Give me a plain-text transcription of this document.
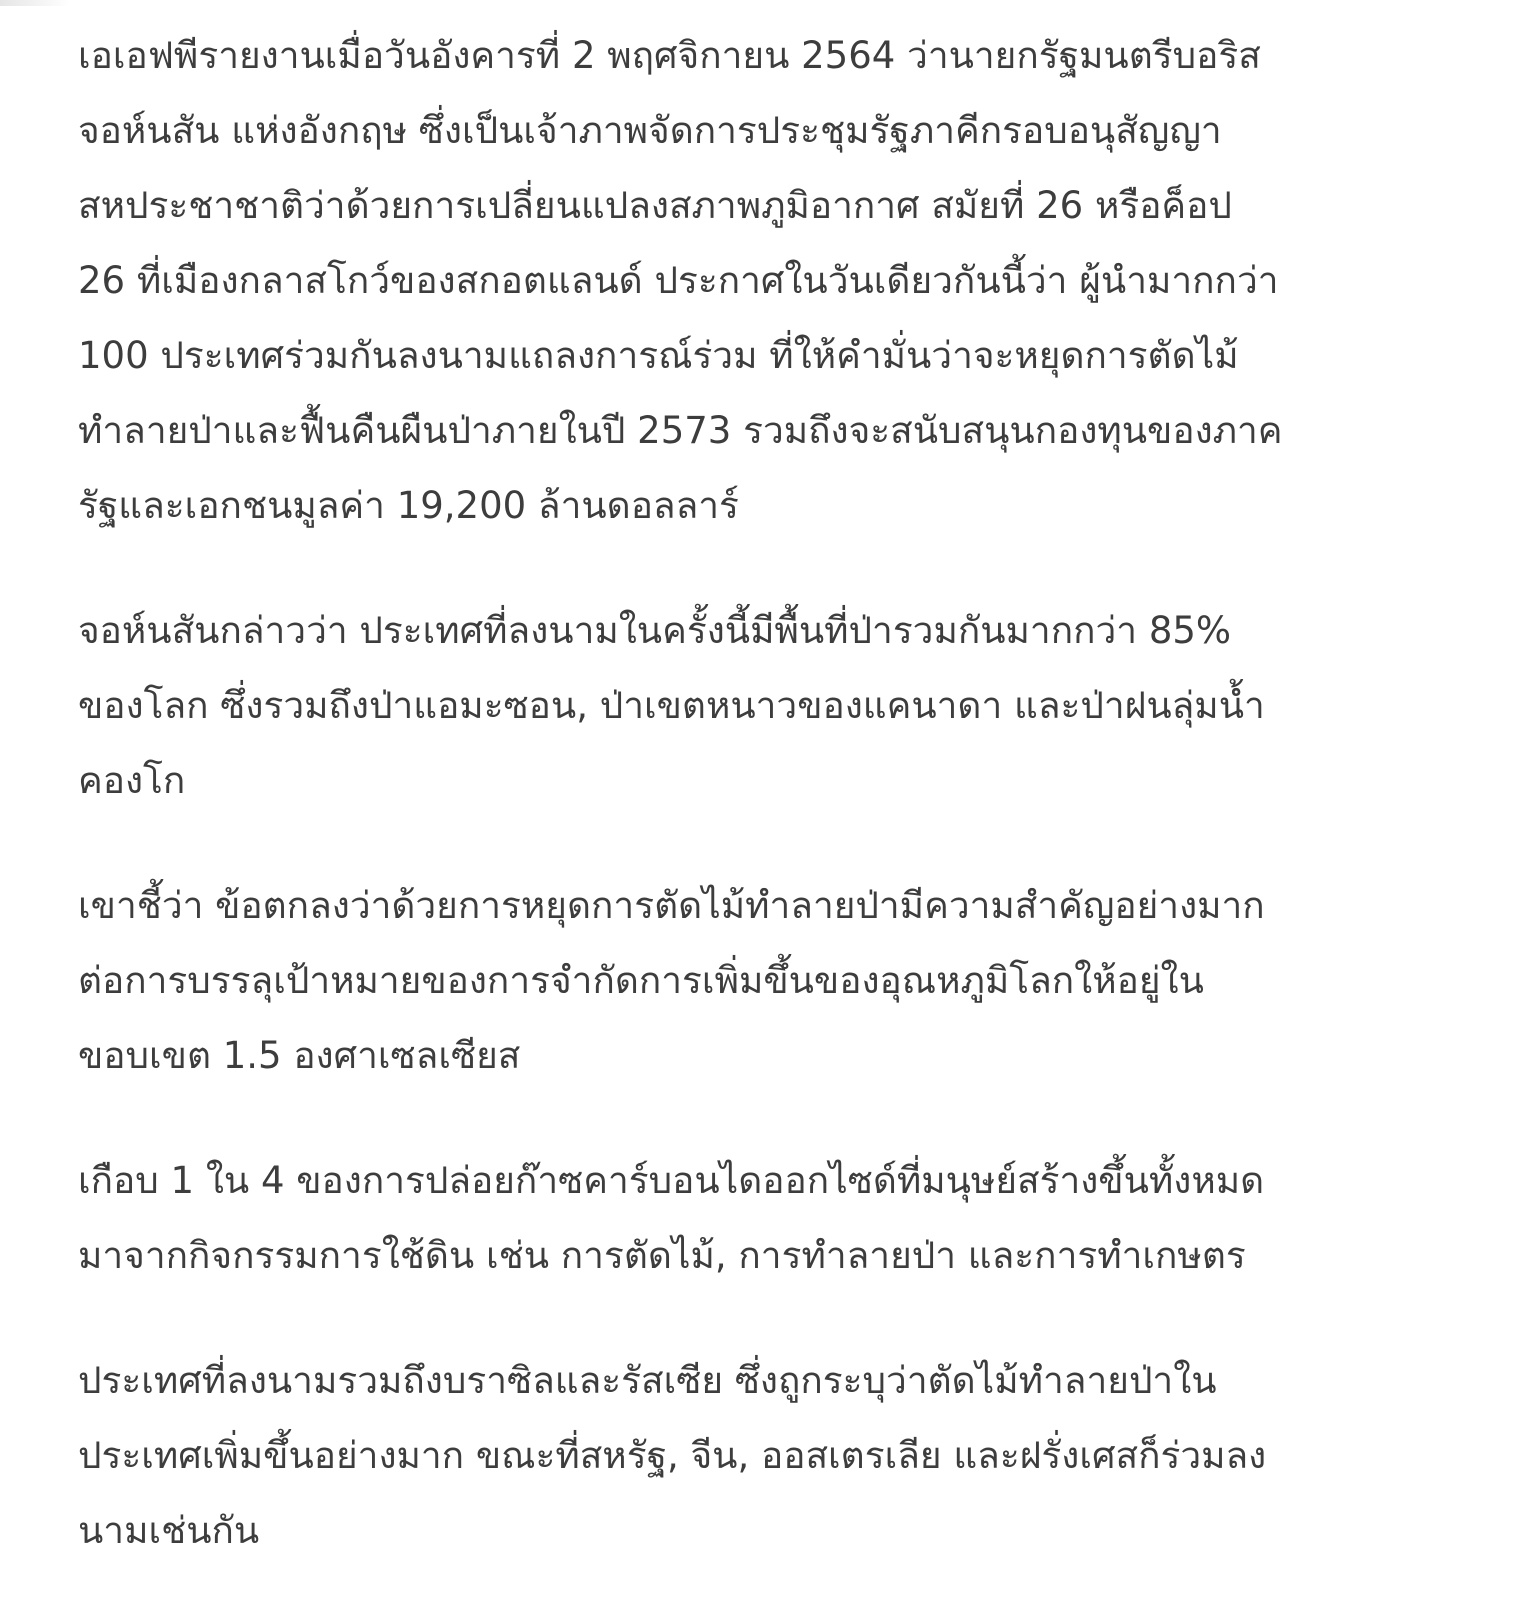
เอเอฟพีรายงานเมื่อวันอังคารที่ 2 พฤศจิกายน 2564 ว่านายกรัฐมนตรีบอริส
จอห์นสัน แห่งอังกฤษ ซึ่งเป็นเจ้าภาพจัดการประชุมรัฐภาคีกรอบอนุสัญญา
สหประชาชาติว่าด้วยการเปลี่ยนแปลงสภาพภูมิอากาศ สมัยที่ 26 หรือค็อป
26 ที่เมืองกลาสโกว์ของสกอตแลนด์ ประกาศในวันเดียวกันนี้ว่า ผู้นำมากกว่า
100 ประเทศร่วมกันลงนามแถลงการณ์ร่วม ที่ให้คำมั่นว่าจะหยุดการตัดไม้
ทำลายป่าและฟื้นคืนผืนป่าภายในปี 2573 รวมถึงจะสนับสนุนกองทุนของภาค
รัฐและเอกชนมูลค่า 19,200 ล้านดอลลาร์

จอห์นสันกล่าวว่า ประเทศที่ลงนามในครั้งนี้มีพื้นที่ป่ารวมกันมากกว่า 85%
ของโลก ซึ่งรวมถึงป่าแอมะซอน, ป่าเขตหนาวของแคนาดา และป่าฝนลุ่มน้ำ
คองโก

เขาชี้ว่า ข้อตกลงว่าด้วยการหยุดการตัดไม้ทำลายป่ามีความสำคัญอย่างมาก
ต่อการบรรลุเป้าหมายของการจำกัดการเพิ่มขึ้นของอุณหภูมิโลกให้อยู่ใน
ขอบเขต 1.5 องศาเซลเซียส

เกือบ 1 ใน 4 ของการปล่อยก๊าซคาร์บอนไดออกไซด์ที่มนุษย์สร้างขึ้นทั้งหมด
มาจากกิจกรรมการใช้ดิน เช่น การตัดไม้, การทำลายป่า และการทำเกษตร

ประเทศที่ลงนามรวมถึงบราซิลและรัสเซีย ซึ่งถูกระบุว่าตัดไม้ทำลายป่าใน
ประเทศเพิ่มขึ้นอย่างมาก ขณะที่สหรัฐ, จีน, ออสเตรเลีย และฝรั่งเศสก็ร่วมลง
นามเช่นกัน
